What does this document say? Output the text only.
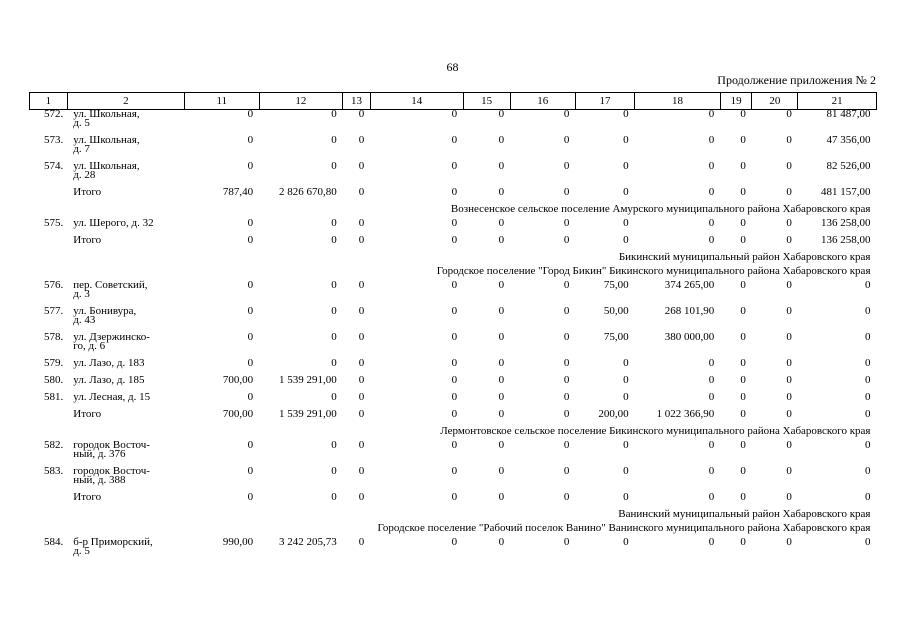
68
Продолжение приложения № 2
1	2	11	12	13	14	15	16	17	18	19	20	21
572.	ул. Школьная,
д. 5	0	0	0	0	0	0	0	0	0	0	81 487,00
573.	ул. Школьная,
д. 7	0	0	0	0	0	0	0	0	0	0	47 356,00
574.	ул. Школьная,
д. 28	0	0	0	0	0	0	0	0	0	0	82 526,00

	Итого	787,40	2 826 670,80	0	0	0	0	0	0	0	0	481 157,00
Вознесенское сельское поселение Амурского муниципального района Хабаровского края												
575.	ул. Шерого, д. 32	0	0	0	0	0	0	0	0	0	0	136 258,00

	Итого	0	0	0	0	0	0	0	0	0	0	136 258,00
Бикинский муниципальный район Хабаровского края												
Городское поселение "Город Бикин" Бикинского муниципального района Хабаровского края												
576.	пер. Советский,
д. 3	0	0	0	0	0	0	75,00	374 265,00	0	0	0
577.	ул. Бонивура,
д. 43	0	0	0	0	0	0	50,00	268 101,90	0	0	0
578.	ул. Дзержинско-
го, д. 6	0	0	0	0	0	0	75,00	380 000,00	0	0	0
579.	ул. Лазо, д. 183	0	0	0	0	0	0	0	0	0	0	0
580.	ул. Лазо, д. 185	700,00	1 539 291,00	0	0	0	0	0	0	0	0	0
581.	ул. Лесная, д. 15	0	0	0	0	0	0	0	0	0	0	0

	Итого	700,00	1 539 291,00	0	0	0	0	200,00	1 022 366,90	0	0	0
Лермонтовское сельское поселение Бикинского муниципального района Хабаровского края												
582.	городок Восточ-
ный, д. 376	0	0	0	0	0	0	0	0	0	0	0
583.	городок Восточ-
ный, д. 388	0	0	0	0	0	0	0	0	0	0	0

	Итого	0	0	0	0	0	0	0	0	0	0	0
Ванинский муниципальный район Хабаровского края												
Городское поселение "Рабочий поселок Ванино" Ванинского муниципального района Хабаровского края												
584.	б-р Приморский,
д. 5	990,00	3 242 205,73	0	0	0	0	0	0	0	0	0
